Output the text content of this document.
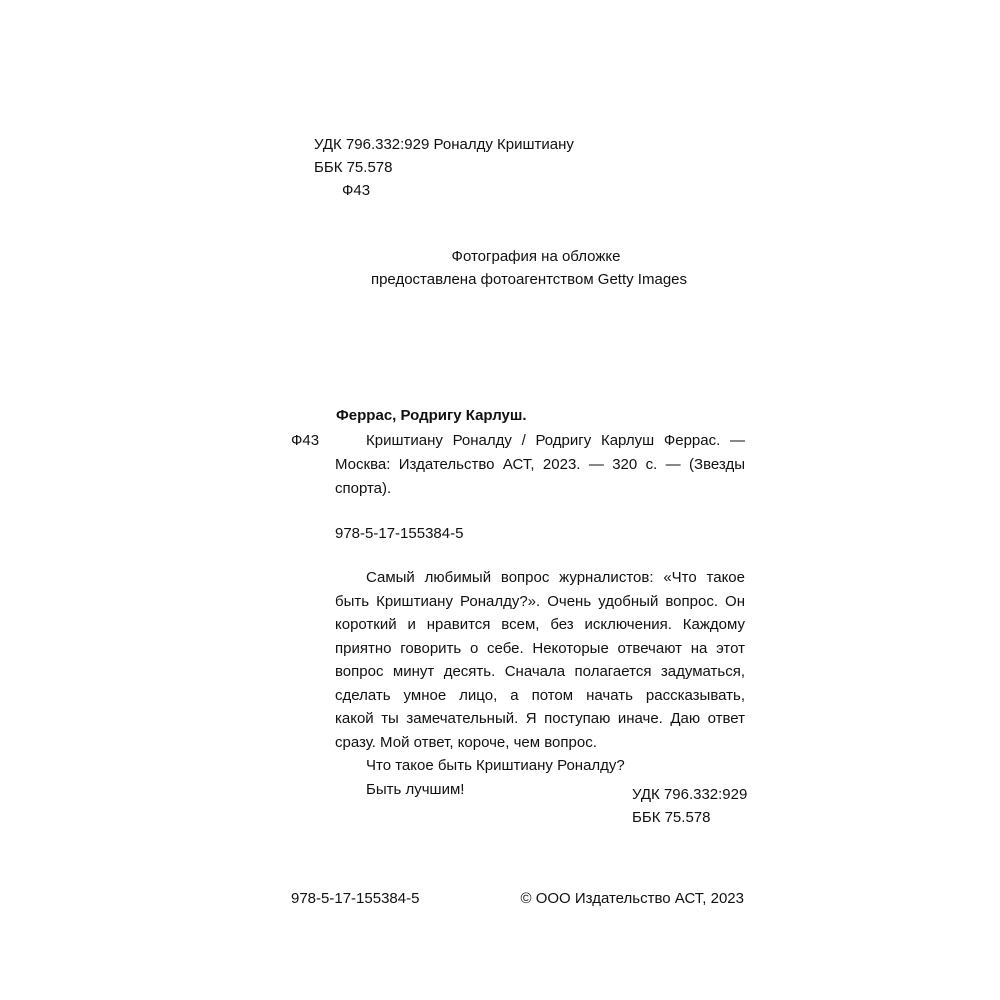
УДК 796.332:929 Роналду Криштиану
ББК 75.578
Ф43
Фотография на обложке
предоставлена фотоагентством Getty Images
Феррас, Родригу Карлуш.
Ф43	Криштиану Роналду / Родригу Карлуш Феррас. —
Москва: Издательство АСТ, 2023. — 320 с. — (Звезды
спорта).
978-5-17-155384-5
Самый любимый вопрос журналистов: «Что такое
быть Криштиану Роналду?». Очень удобный вопрос. Он
короткий и нравится всем, без исключения. Каждому
приятно говорить о себе. Некоторые отвечают на этот
вопрос минут десять. Сначала полагается задуматься,
сделать умное лицо, а потом начать рассказывать,
какой ты замечательный. Я поступаю иначе. Даю ответ
сразу. Мой ответ, короче, чем вопрос.
Что такое быть Криштиану Роналду?
Быть лучшим!	УДК 796.332:929
ББК 75.578
978-5-17-155384-5	© ООО Издательство АСТ, 2023
